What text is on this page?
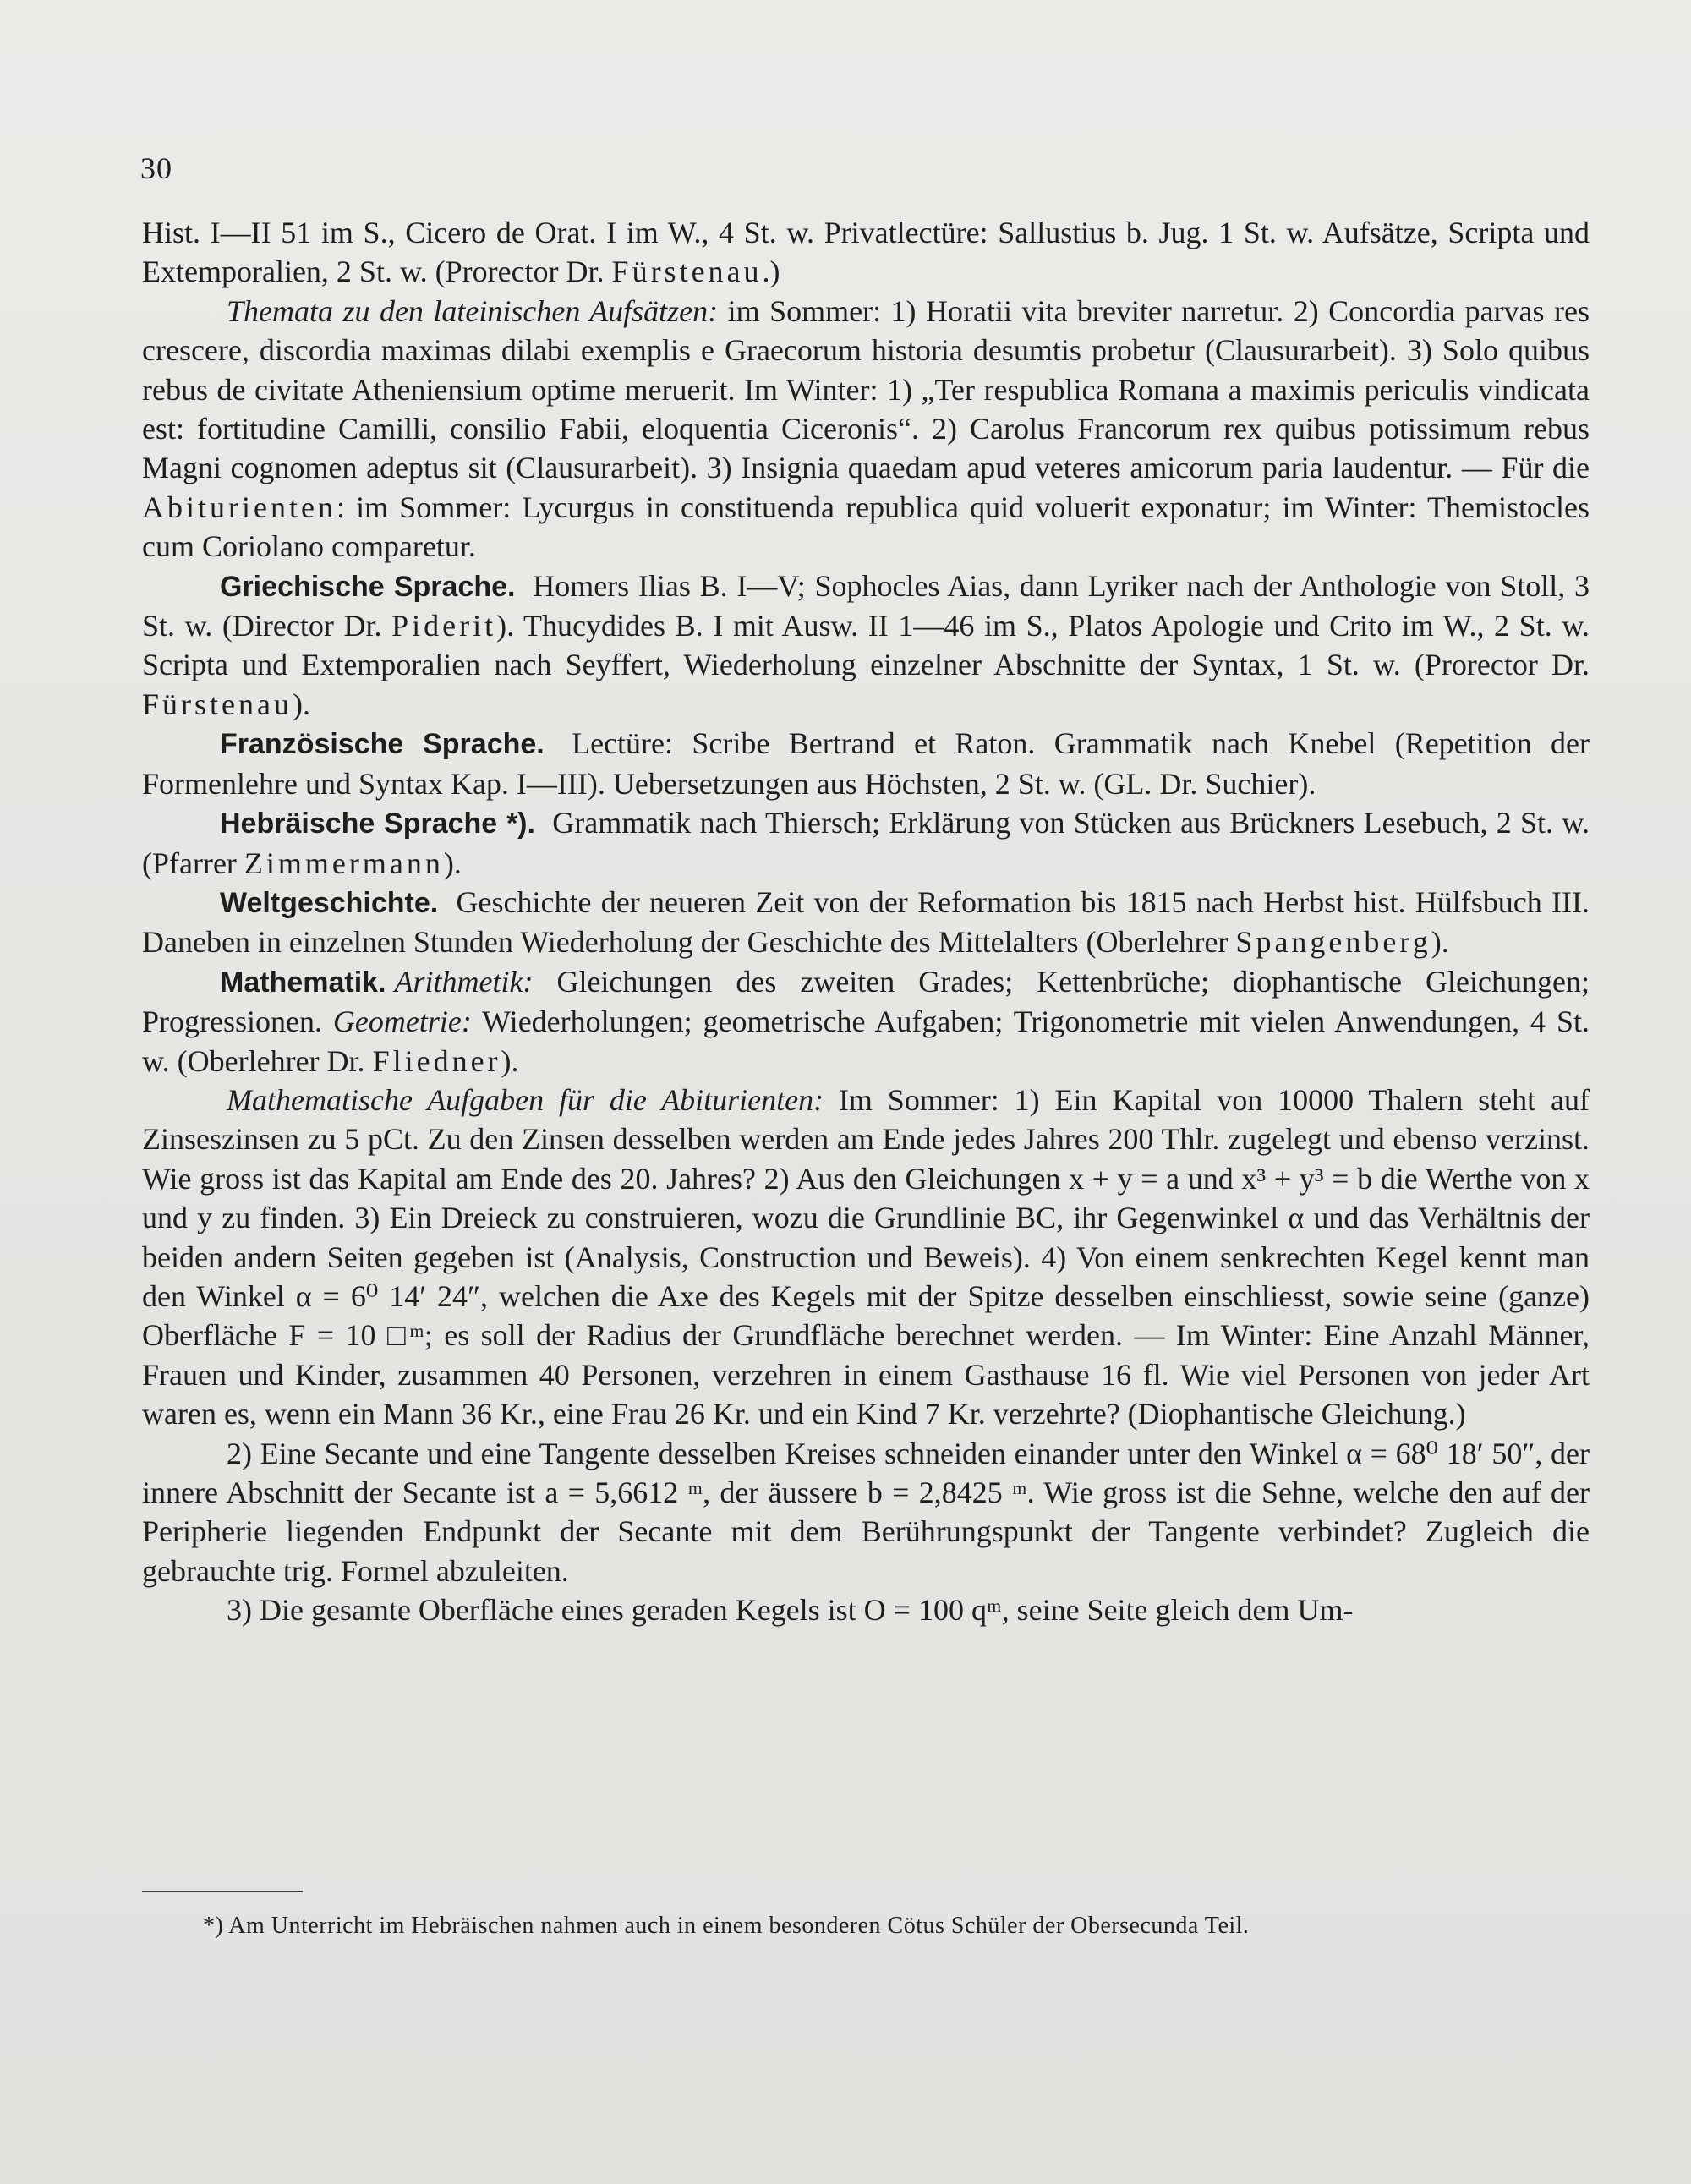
30

Hist. I—II 51 im S., Cicero de Orat. I im W., 4 St. w. Privatlectüre: Sallustius b. Jug. 1 St. w. Aufsätze, Scripta und Extemporalien, 2 St. w. (Prorector Dr. Fürstenau.)

Themata zu den lateinischen Aufsätzen: im Sommer: 1) Horatii vita breviter narretur. 2) Concordia parvas res crescere, discordia maximas dilabi exemplis e Graecorum historia desumtis probetur (Clausurarbeit). 3) Solo quibus rebus de civitate Atheniensium optime meruerit. Im Winter: 1) „Ter respublica Romana a maximis periculis vindicata est: fortitudine Camilli, consilio Fabii, eloquentia Ciceronis“. 2) Carolus Francorum rex quibus potissimum rebus Magni cognomen adeptus sit (Clausurarbeit). 3) Insignia quaedam apud veteres amicorum paria laudentur. — Für die Abiturienten: im Sommer: Lycurgus in constituenda republica quid voluerit exponatur; im Winter: Themistocles cum Coriolano comparetur.

Griechische Sprache. Homers Ilias B. I—V; Sophocles Aias, dann Lyriker nach der Anthologie von Stoll, 3 St. w. (Director Dr. Piderit). Thucydides B. I mit Ausw. II 1—46 im S., Platos Apologie und Crito im W., 2 St. w. Scripta und Extemporalien nach Seyffert, Wiederholung einzelner Abschnitte der Syntax, 1 St. w. (Prorector Dr. Fürstenau).

Französische Sprache. Lectüre: Scribe Bertrand et Raton. Grammatik nach Knebel (Repetition der Formenlehre und Syntax Kap. I—III). Uebersetzungen aus Höchsten, 2 St. w. (GL. Dr. Suchier).

Hebräische Sprache *). Grammatik nach Thiersch; Erklärung von Stücken aus Brückners Lesebuch, 2 St. w. (Pfarrer Zimmermann).

Weltgeschichte. Geschichte der neueren Zeit von der Reformation bis 1815 nach Herbst hist. Hülfsbuch III. Daneben in einzelnen Stunden Wiederholung der Geschichte des Mittelalters (Oberlehrer Spangenberg).

Mathematik. Arithmetik: Gleichungen des zweiten Grades; Kettenbrüche; diophantische Gleichungen; Progressionen. Geometrie: Wiederholungen; geometrische Aufgaben; Trigonometrie mit vielen Anwendungen, 4 St. w. (Oberlehrer Dr. Fliedner).

Mathematische Aufgaben für die Abiturienten: Im Sommer: 1) Ein Kapital von 10000 Thalern steht auf Zinseszinsen zu 5 pCt. Zu den Zinsen desselben werden am Ende jedes Jahres 200 Thlr. zugelegt und ebenso verzinst. Wie gross ist das Kapital am Ende des 20. Jahres? 2) Aus den Gleichungen x + y = a und x³ + y³ = b die Werthe von x und y zu finden. 3) Ein Dreieck zu construieren, wozu die Grundlinie BC, ihr Gegenwinkel α und das Verhältnis der beiden andern Seiten gegeben ist (Analysis, Construction und Beweis). 4) Von einem senkrechten Kegel kennt man den Winkel α = 6⁰ 14′ 24″, welchen die Axe des Kegels mit der Spitze desselben einschliesst, sowie seine (ganze) Oberfläche F = 10 □ᵐ; es soll der Radius der Grundfläche berechnet werden. — Im Winter: Eine Anzahl Männer, Frauen und Kinder, zusammen 40 Personen, verzehren in einem Gasthause 16 fl. Wie viel Personen von jeder Art waren es, wenn ein Mann 36 Kr., eine Frau 26 Kr. und ein Kind 7 Kr. verzehrte? (Diophantische Gleichung.)

2) Eine Secante und eine Tangente desselben Kreises schneiden einander unter den Winkel α = 68⁰ 18′ 50″, der innere Abschnitt der Secante ist a = 5,6612 ᵐ, der äussere b = 2,8425 ᵐ. Wie gross ist die Sehne, welche den auf der Peripherie liegenden Endpunkt der Secante mit dem Berührungspunkt der Tangente verbindet? Zugleich die gebrauchte trig. Formel abzuleiten.

3) Die gesamte Oberfläche eines geraden Kegels ist O = 100 qᵐ, seine Seite gleich dem Um-

*) Am Unterricht im Hebräischen nahmen auch in einem besonderen Cötus Schüler der Obersecunda Teil.
